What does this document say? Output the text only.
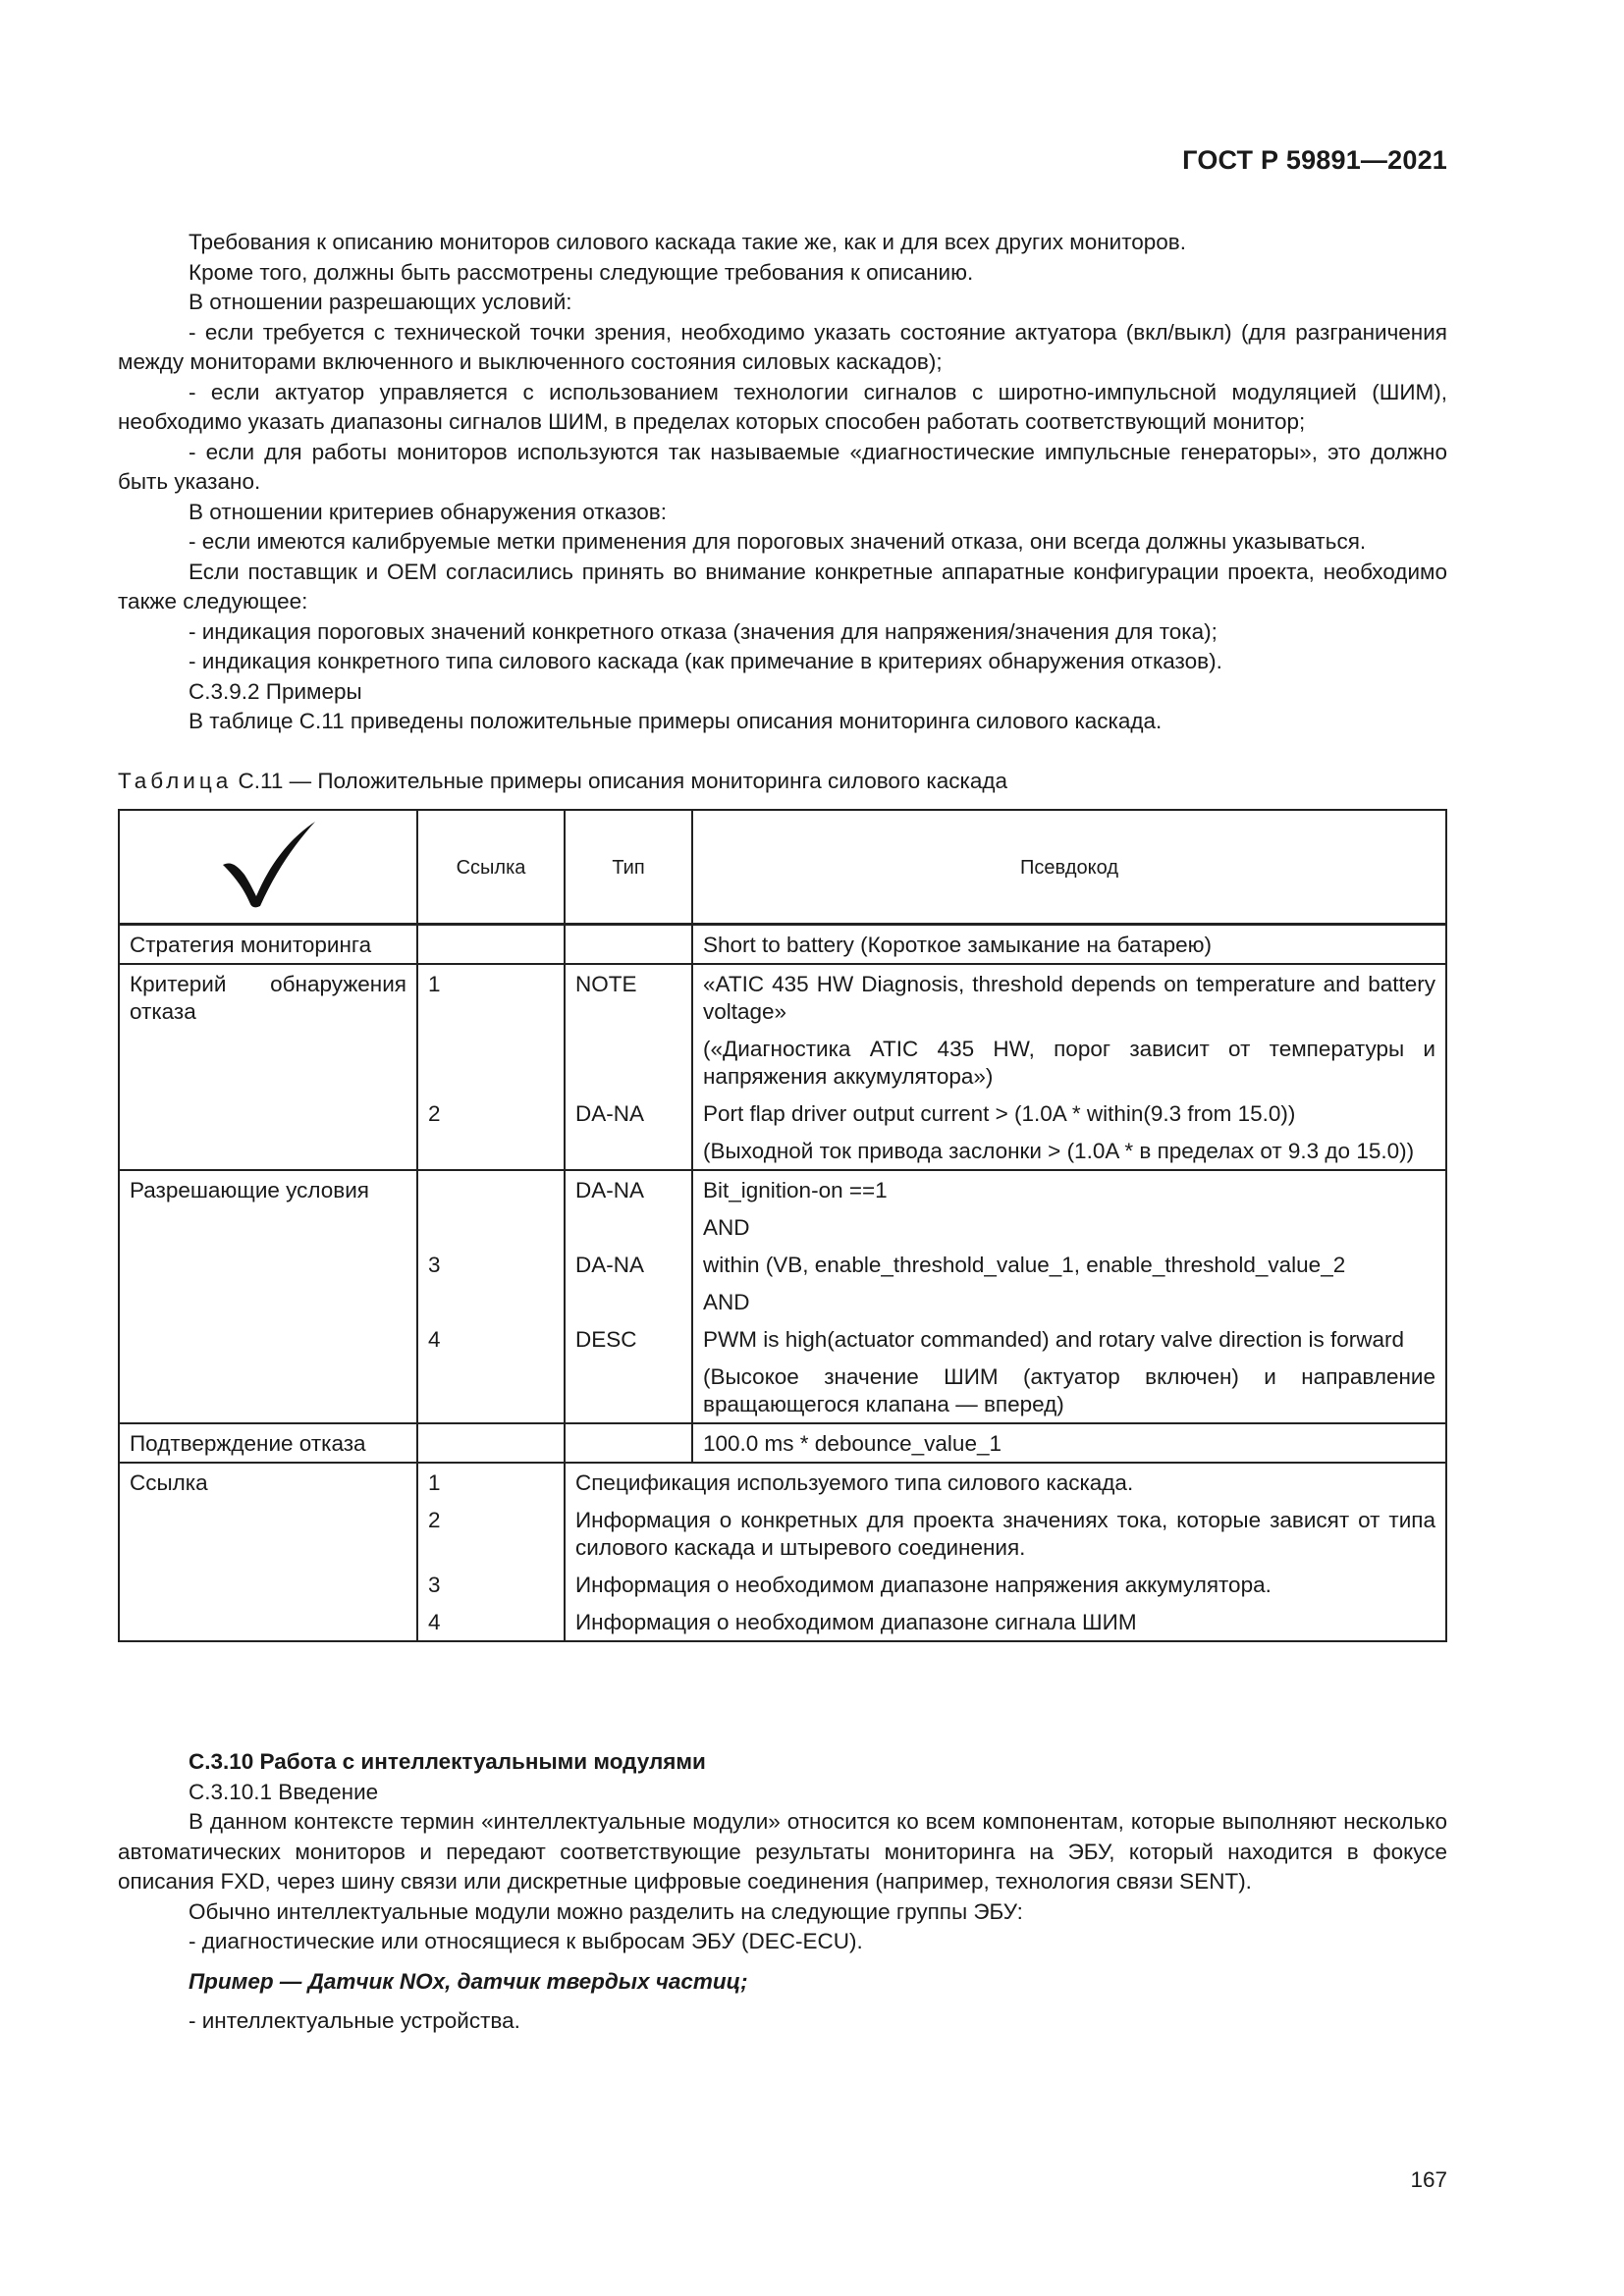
ГОСТ Р 59891—2021

Требования к описанию мониторов силового каскада такие же, как и для всех других мониторов.

Кроме того, должны быть рассмотрены следующие требования к описанию.

В отношении разрешающих условий:

- если требуется с технической точки зрения, необходимо указать состояние актуатора (вкл/выкл) (для разграничения между мониторами включенного и выключенного состояния силовых каскадов);

- если актуатор управляется с использованием технологии сигналов с широтно-импульсной модуляцией (ШИМ), необходимо указать диапазоны сигналов ШИМ, в пределах которых способен работать соответствующий монитор;

- если для работы мониторов используются так называемые «диагностические импульсные генераторы», это должно быть указано.

В отношении критериев обнаружения отказов:

- если имеются калибруемые метки применения для пороговых значений отказа, они всегда должны указываться.

Если поставщик и OEM согласились принять во внимание конкретные аппаратные конфигурации проекта, необходимо также следующее:

- индикация пороговых значений конкретного отказа (значения для напряжения/значения для тока);

- индикация конкретного типа силового каскада (как примечание в критериях обнаружения отказов).

С.3.9.2 Примеры

В таблице С.11 приведены положительные примеры описания мониторинга силового каскада.

Таблица С.11 — Положительные примеры описания мониторинга силового каскада
	Ссылка	Тип	Псевдокод
Стратегия мониторинга			Short to battery (Короткое замыкание на батарею)
Критерий обнаружения отказа	1	NOTE	«ATIC 435 HW Diagnosis, threshold depends on temperature and battery voltage»
			(«Диагностика ATIC 435 HW, порог зависит от температуры и напряжения аккумулятора»)
	2	DA-NA	Port flap driver output current > (1.0A * within(9.3 from 15.0))
			(Выходной ток привода заслонки > (1.0A * в пределах от 9.3 до 15.0))
Разрешающие условия		DA-NA	Bit_ignition-on ==1
			AND
	3	DA-NA	within (VB, enable_threshold_value_1, enable_threshold_value_2
			AND
	4	DESC	PWM is high(actuator commanded) and rotary valve direction is forward
			(Высокое значение ШИМ (актуатор включен) и направление вращающегося клапана — вперед)
Подтверждение отказа			100.0 ms * debounce_value_1
Ссылка	1	Спецификация используемого типа силового каскада.	
	2	Информация о конкретных для проекта значениях тока, которые зависят от типа силового каскада и штыревого соединения.	
	3	Информация о необходимом диапазоне напряжения аккумулятора.	
	4	Информация о необходимом диапазоне сигнала ШИМ	

С.3.10 Работа с интеллектуальными модулями

С.3.10.1 Введение

В данном контексте термин «интеллектуальные модули» относится ко всем компонентам, которые выполняют несколько автоматических мониторов и передают соответствующие результаты мониторинга на ЭБУ, который находится в фокусе описания FXD, через шину связи или дискретные цифровые соединения (например, технология связи SENT).

Обычно интеллектуальные модули можно разделить на следующие группы ЭБУ:

- диагностические или относящиеся к выбросам ЭБУ (DEC-ECU).

Пример — Датчик NOx, датчик твердых частиц;

- интеллектуальные устройства.

167
